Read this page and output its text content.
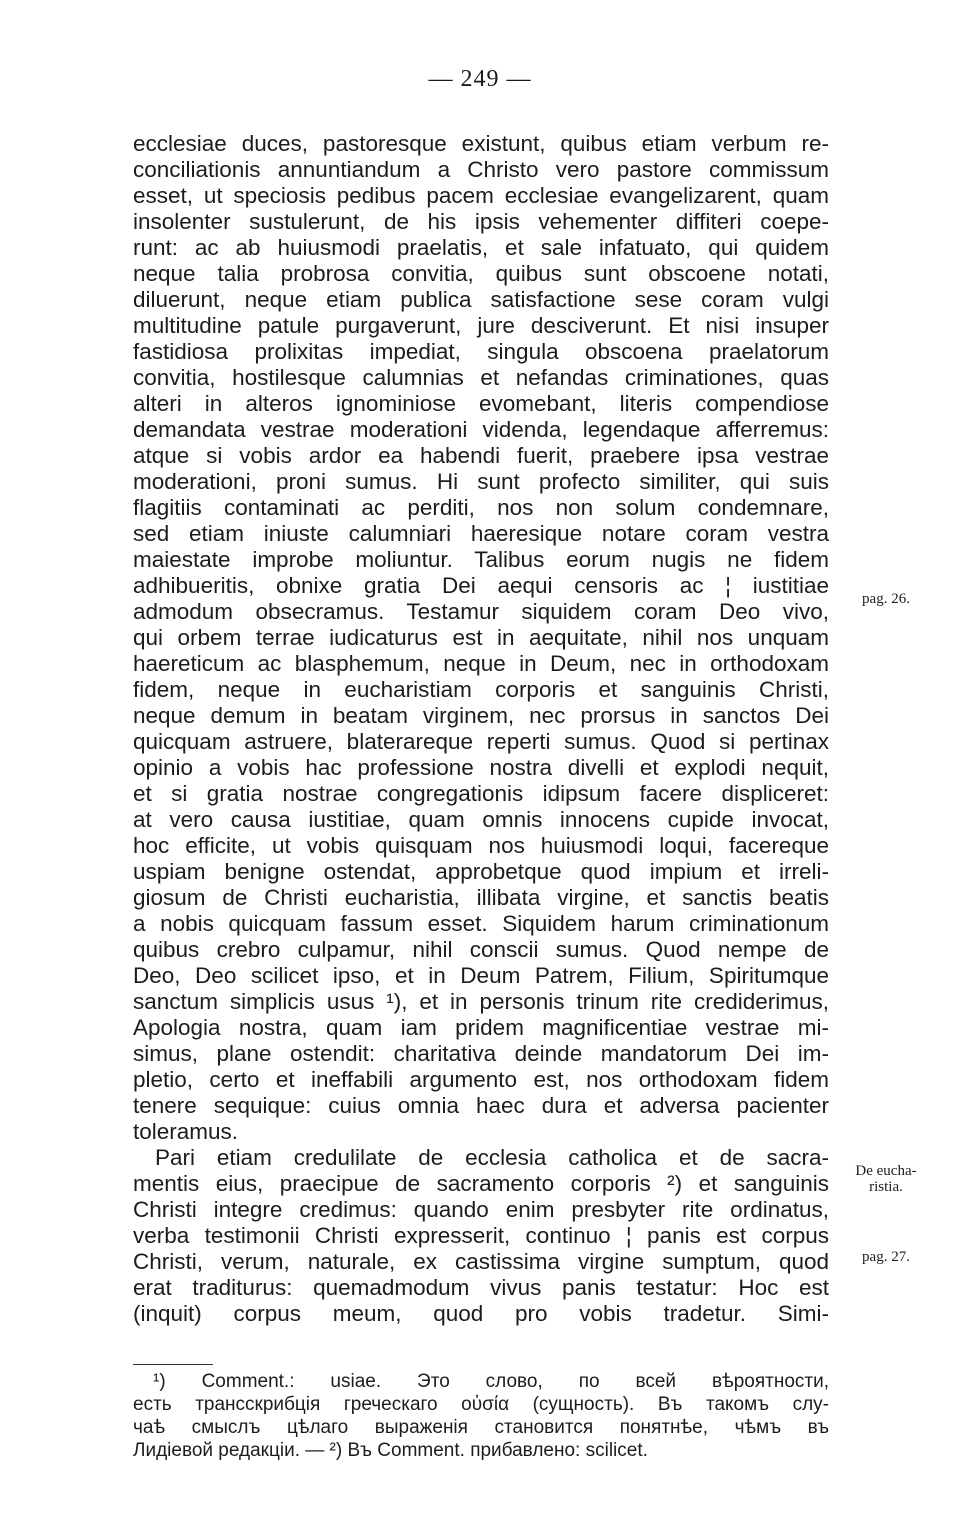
— 249 —
ecclesiae duces, pastoresque existunt, quibus etiam verbum re-
conciliationis annuntiandum a Christo vero pastore commissum
esset, ut speciosis pedibus pacem ecclesiae evangelizarent, quam
insolenter sustulerunt, de his ipsis vehementer diffiteri coepe-
runt: ac ab huiusmodi praelatis, et sale infatuato, qui quidem
neque talia probrosa convitia, quibus sunt obscoene notati,
diluerunt, neque etiam publica satisfactione sese coram vulgi
multitudine patule purgaverunt, jure desciverunt. Et nisi insuper
fastidiosa prolixitas impediat, singula obscoena praelatorum
convitia, hostilesque calumnias et nefandas criminationes, quas
alteri in alteros ignominiose evomebant, literis compendiose
demandata vestrae moderationi videnda, legendaque afferremus:
atque si vobis ardor ea habendi fuerit, praebere ipsa vestrae
moderationi, proni sumus. Hi sunt profecto similiter, qui suis
flagitiis contaminati ac perditi, nos non solum condemnare,
sed etiam iniuste calumniari haeresique notare coram vestra
maiestate improbe moliuntur. Talibus eorum nugis ne fidem
adhibueritis, obnixe gratia Dei aequi censoris ac ¦ iustitiae
admodum obsecramus. Testamur siquidem coram Deo vivo,
qui orbem terrae iudicaturus est in aequitate, nihil nos unquam
haereticum ac blasphemum, neque in Deum, nec in orthodoxam
fidem, neque in eucharistiam corporis et sanguinis Christi,
neque demum in beatam virginem, nec prorsus in sanctos Dei
quicquam astruere, blaterareque reperti sumus. Quod si pertinax
opinio a vobis hac professione nostra divelli et explodi nequit,
et si gratia nostrae congregationis idipsum facere displiceret:
at vero causa iustitiae, quam omnis innocens cupide invocat,
hoc efficite, ut vobis quisquam nos huiusmodi loqui, facereque
uspiam benigne ostendat, approbetque quod impium et irreli-
giosum de Christi eucharistia, illibata virgine, et sanctis beatis
a nobis quicquam fassum esset. Siquidem harum criminationum
quibus crebro culpamur, nihil conscii sumus. Quod nempe de
Deo, Deo scilicet ipso, et in Deum Patrem, Filium, Spiritumque
sanctum simplicis usus ¹), et in personis trinum rite crediderimus,
Apologia nostra, quam iam pridem magnificentiae vestrae mi-
simus, plane ostendit: charitativa deinde mandatorum Dei im-
pletio, certo et ineffabili argumento est, nos orthodoxam fidem
tenere sequique: cuius omnia haec dura et adversa pacienter
toleramus.
Pari etiam credulilate de ecclesia catholica et de sacra-
mentis eius, praecipue de sacramento corporis ²) et sanguinis
Christi integre credimus: quando enim presbyter rite ordinatus,
verba testimonii Christi expresserit, continuo ¦ panis est corpus
Christi, verum, naturale, ex castissima virgine sumptum, quod
erat traditurus: quemadmodum vivus panis testatur: Hoc est
(inquit) corpus meum, quod pro vobis tradetur. Simi-
pag. 26.
De eucha-
ristia.
pag. 27.
¹) Comment.: usiae. Это слово, по всей вѣроятности,
есть трансскрибція греческаго οὐσία (сущность). Въ такомъ слу-
чаѣ смыслъ цѣлаго выраженія становится понятнѣе, чѣмъ въ
Лидіевой редакціи. — ²) Въ Comment. прибавлено: scilicet.
